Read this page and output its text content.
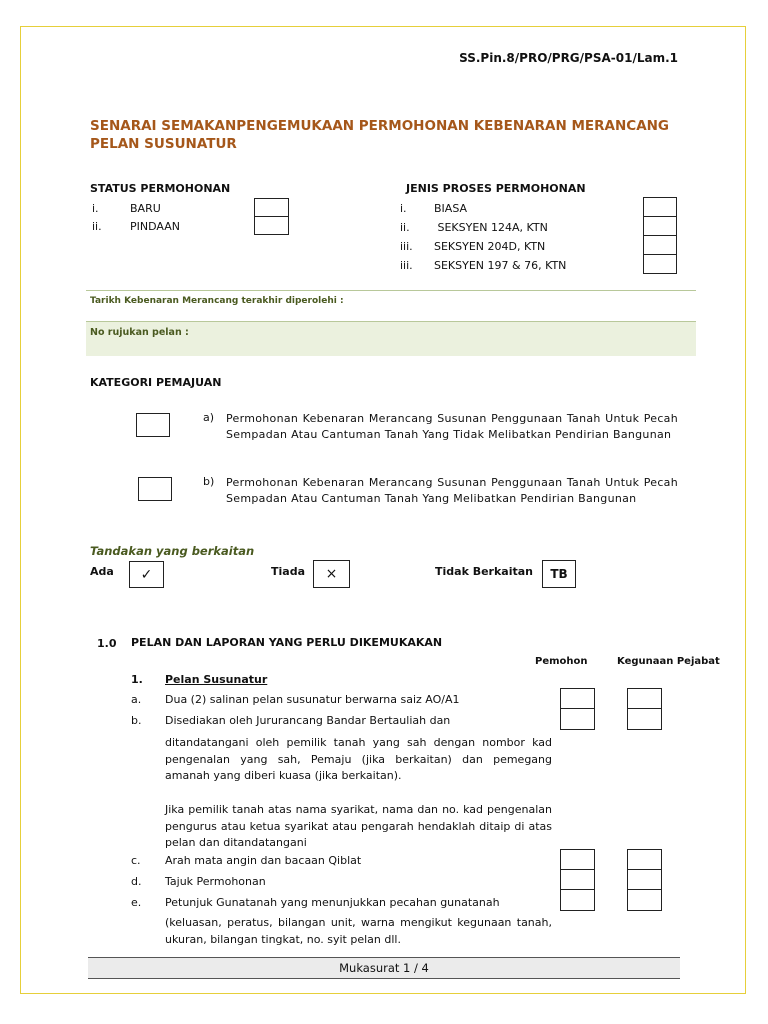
SS.Pin.8/PRO/PRG/PSA-01/Lam.1
SENARAI SEMAKANPENGEMUKAAN PERMOHONAN KEBENARAN MERANCANG
PELAN SUSUNATUR
STATUS PERMOHONAN
i.	BARU
ii.	PINDAAN
JENIS PROSES PERMOHONAN
i. BIASA
ii. SEKSYEN 124A, KTN
iii. SEKSYEN 204D, KTN
iii. SEKSYEN 197 & 76, KTN
Tarikh Kebenaran Merancang terakhir diperolehi :
No rujukan pelan :
KATEGORI PEMAJUAN
a) Permohonan Kebenaran Merancang Susunan Penggunaan Tanah Untuk Pecah Sempadan Atau Cantuman Tanah Yang Tidak Melibatkan Pendirian Bangunan
b) Permohonan Kebenaran Merancang Susunan Penggunaan Tanah Untuk Pecah Sempadan Atau Cantuman Tanah Yang Melibatkan Pendirian Bangunan
Tandakan yang berkaitan
Ada ✓	Tiada ×	Tidak Berkaitan TB
1.0 PELAN DAN LAPORAN YANG PERLU DIKEMUKAKAN
Pemohon	Kegunaan Pejabat
1. Pelan Susunatur
a. Dua (2) salinan pelan susunatur berwarna saiz AO/A1
b. Disediakan oleh Jururancang Bandar Bertauliah dan
ditandatangani oleh pemilik tanah yang sah dengan nombor kad pengenalan yang sah, Pemaju (jika berkaitan) dan pemegang amanah yang diberi kuasa (jika berkaitan).
Jika pemilik tanah atas nama syarikat, nama dan no. kad pengenalan pengurus atau ketua syarikat atau pengarah hendaklah ditaip di atas pelan dan ditandatangani
c. Arah mata angin dan bacaan Qiblat
d. Tajuk Permohonan
e. Petunjuk Gunatanah yang menunjukkan pecahan gunatanah
(keluasan, peratus, bilangan unit, warna mengikut kegunaan tanah, ukuran, bilangan tingkat, no. syit pelan dll.
Mukasurat 1 / 4
